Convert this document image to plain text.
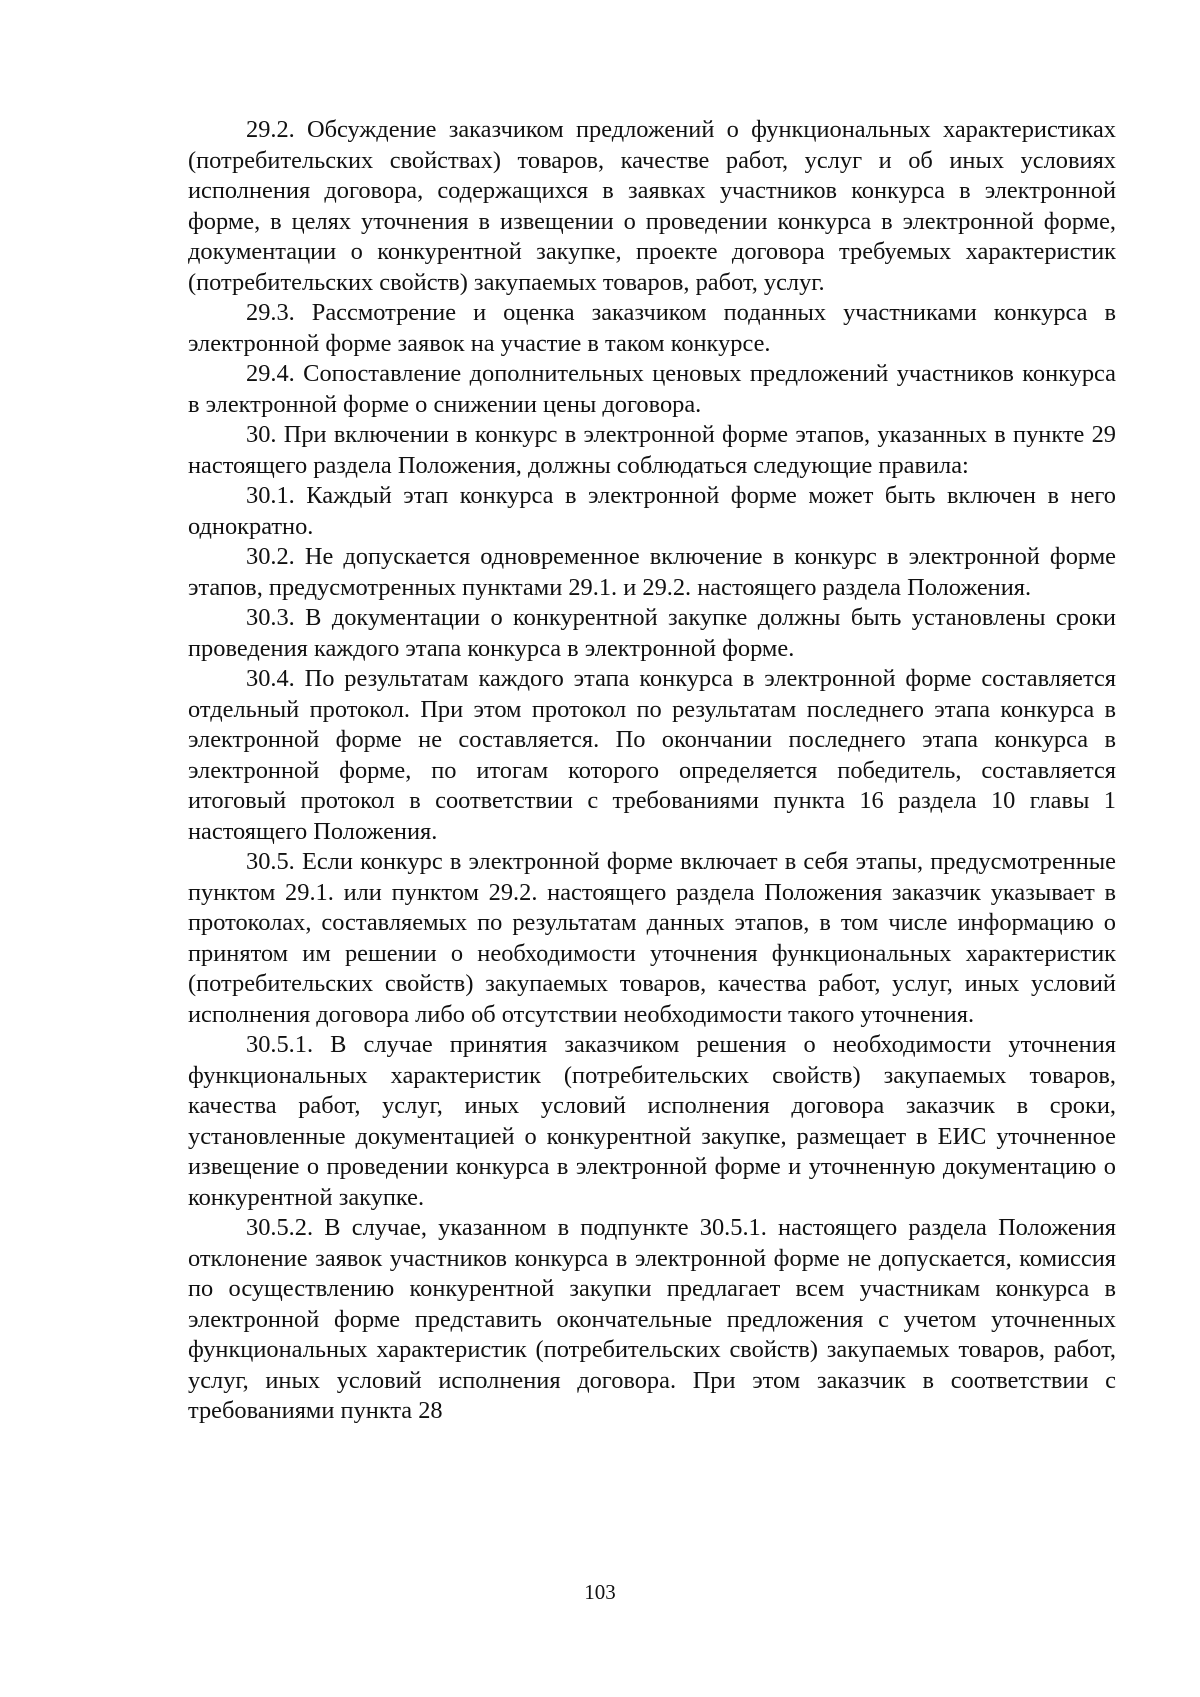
29.2. Обсуждение заказчиком предложений о функциональных характеристиках (потребительских свойствах) товаров, качестве работ, услуг и об иных условиях исполнения договора, содержащихся в заявках участников конкурса в электронной форме, в целях уточнения в извещении о проведении конкурса в электронной форме, документации о конкурентной закупке, проекте договора требуемых характеристик (потребительских свойств) закупаемых товаров, работ, услуг.

29.3. Рассмотрение и оценка заказчиком поданных участниками конкурса в электронной форме заявок на участие в таком конкурсе.

29.4. Сопоставление дополнительных ценовых предложений участников конкурса в электронной форме о снижении цены договора.

30. При включении в конкурс в электронной форме этапов, указанных в пункте 29 настоящего раздела Положения, должны соблюдаться следующие правила:

30.1. Каждый этап конкурса в электронной форме может быть включен в него однократно.

30.2. Не допускается одновременное включение в конкурс в электронной форме этапов, предусмотренных пунктами 29.1. и 29.2. настоящего раздела Положения.

30.3. В документации о конкурентной закупке должны быть установлены сроки проведения каждого этапа конкурса в электронной форме.

30.4. По результатам каждого этапа конкурса в электронной форме составляется отдельный протокол. При этом протокол по результатам последнего этапа конкурса в электронной форме не составляется. По окончании последнего этапа конкурса в электронной форме, по итогам которого определяется победитель, составляется итоговый протокол в соответствии с требованиями пункта 16 раздела 10 главы 1 настоящего Положения.

30.5. Если конкурс в электронной форме включает в себя этапы, предусмотренные пунктом 29.1. или пунктом 29.2. настоящего раздела Положения заказчик указывает в протоколах, составляемых по результатам данных этапов, в том числе информацию о принятом им решении о необходимости уточнения функциональных характеристик (потребительских свойств) закупаемых товаров, качества работ, услуг, иных условий исполнения договора либо об отсутствии необходимости такого уточнения.

30.5.1. В случае принятия заказчиком решения о необходимости уточнения функциональных характеристик (потребительских свойств) закупаемых товаров, качества работ, услуг, иных условий исполнения договора заказчик в сроки, установленные документацией о конкурентной закупке, размещает в ЕИС уточненное извещение о проведении конкурса в электронной форме и уточненную документацию о конкурентной закупке.

30.5.2. В случае, указанном в подпункте 30.5.1. настоящего раздела Положения отклонение заявок участников конкурса в электронной форме не допускается, комиссия по осуществлению конкурентной закупки предлагает всем участникам конкурса в электронной форме представить окончательные предложения с учетом уточненных функциональных характеристик (потребительских свойств) закупаемых товаров, работ, услуг, иных условий исполнения договора. При этом заказчик в соответствии с требованиями пункта 28

103
